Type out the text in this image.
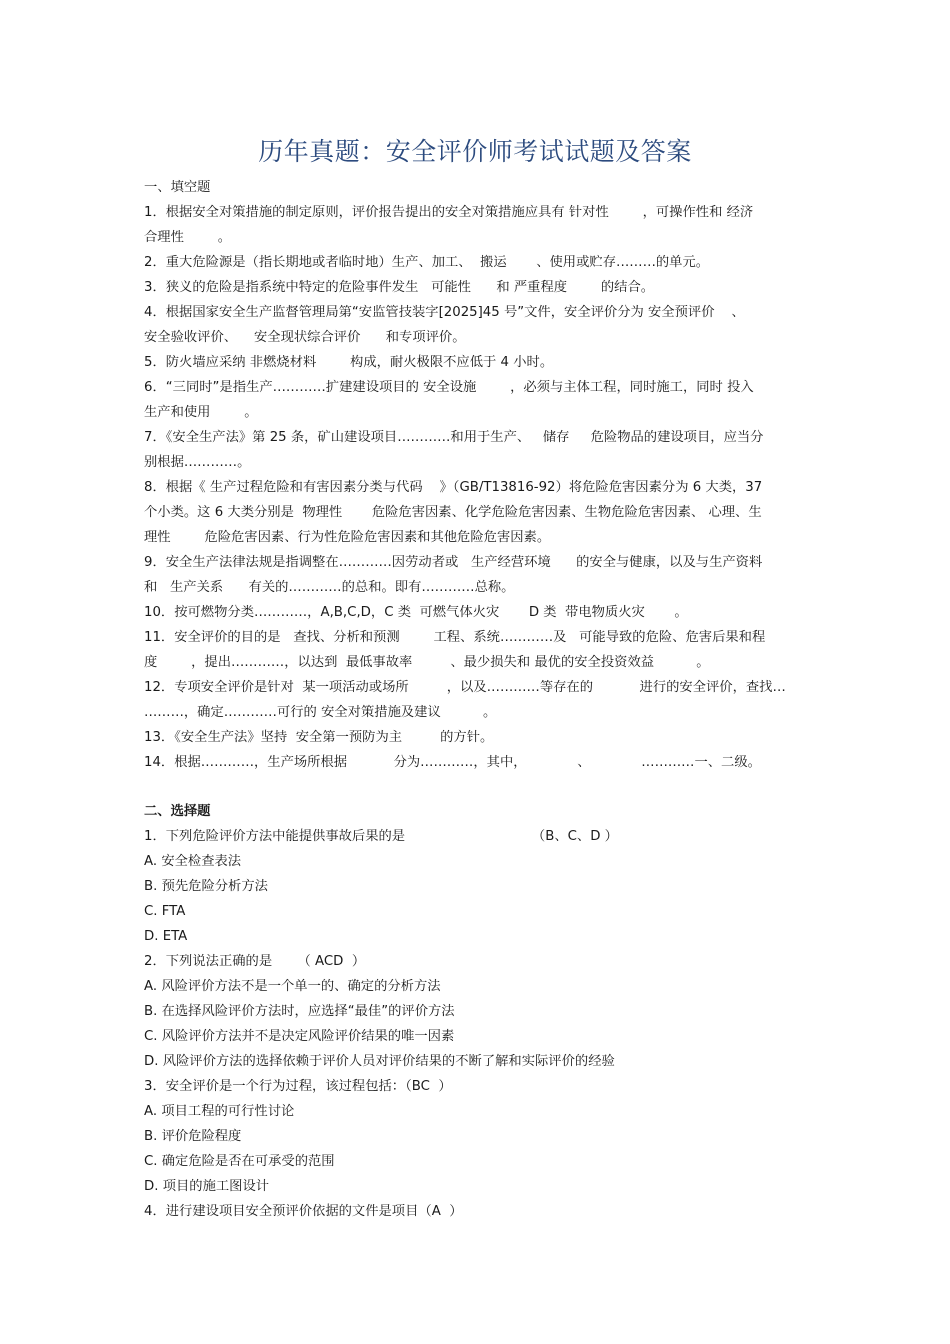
历年真题：安全评价师考试试题及答案
一、填空题
1．根据安全对策措施的制定原则，评价报告提出的安全对策措施应具有 针对性        ，可操作性和 经济
合理性        。
2．重大危险源是（指长期地或者临时地）生产、加工、  搬运       、使用或贮存………的单元。
3．狭义的危险是指系统中特定的危险事件发生   可能性      和 严重程度        的结合。
4．根据国家安全生产监督管理局第“安监管技装字[2025]45 号”文件，安全评价分为 安全预评价    、
安全验收评价、    安全现状综合评价      和专项评价。
5．防火墙应采纳 非燃烧材料        构成，耐火极限不应低于 4 小时。
6．“三同时”是指生产…………扩建建设项目的 安全设施        ，必须与主体工程，同时施工，同时 投入
生产和使用        。
7．《安全生产法》第 25 条，矿山建设项目…………和用于生产、   储存     危险物品的建设项目，应当分
别根据…………。
8．根据《 生产过程危险和有害因素分类与代码    》（GB/T13816-92）将危险危害因素分为 6 大类，37
个小类。这 6 大类分别是  物理性       危险危害因素、化学危险危害因素、生物危险危害因素、 心理、生
理性        危险危害因素、行为性危险危害因素和其他危险危害因素。
9．安全生产法律法规是指调整在…………因劳动者或   生产经营环境      的安全与健康，以及与生产资料
和   生产关系      有关的…………的总和。即有…………总称。
10．按可燃物分类…………，A,B,C,D，C 类  可燃气体火灾       D 类  带电物质火灾       。
11．安全评价的目的是   查找、分析和预测        工程、系统…………及   可能导致的危险、危害后果和程
度        ，提出…………，以达到  最低事故率         、最少损失和 最优的安全投资效益          。
12．专项安全评价是针对  某一项活动或场所         ，以及…………等存在的           进行的安全评价，查找…
………，确定…………可行的 安全对策措施及建议          。
13．《安全生产法》坚持  安全第一预防为主         的方针。
14．根据…………，生产场所根据           分为…………，其中，            、            …………一、二级。
二、选择题
1．下列危险评价方法中能提供事故后果的是                              （B、C、D ）
A. 安全检查表法
B. 预先危险分析方法
C. FTA
D. ETA
2．下列说法正确的是      （ ACD  ）
A. 风险评价方法不是一个单一的、确定的分析方法
B. 在选择风险评价方法时，应选择“最佳”的评价方法
C. 风险评价方法并不是决定风险评价结果的唯一因素
D. 风险评价方法的选择依赖于评价人员对评价结果的不断了解和实际评价的经验
3．安全评价是一个行为过程，该过程包括：（BC  ）
A. 项目工程的可行性讨论
B. 评价危险程度
C. 确定危险是否在可承受的范围
D. 项目的施工图设计
4．进行建设项目安全预评价依据的文件是项目（A  ）
